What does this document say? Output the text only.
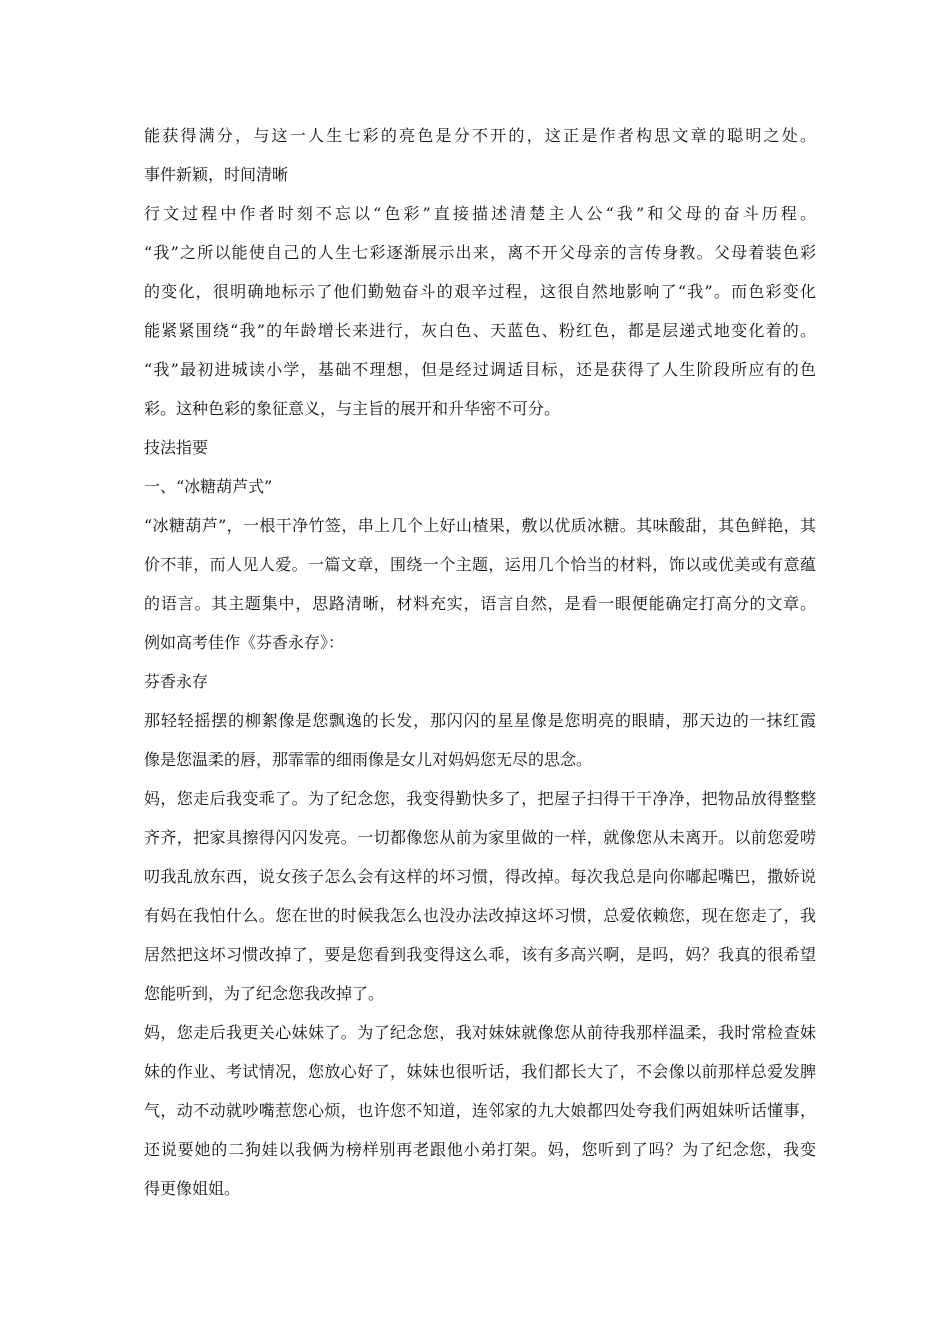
能获得满分，与这一人生七彩的亮色是分不开的，这正是作者构思文章的聪明之处。
事件新颖，时间清晰
行文过程中作者时刻不忘以“色彩”直接描述清楚主人公“我”和父母的奋斗历程。
“我”之所以能使自己的人生七彩逐渐展示出来，离不开父母亲的言传身教。父母着装色彩
的变化，很明确地标示了他们勤勉奋斗的艰辛过程，这很自然地影响了“我”。而色彩变化
能紧紧围绕“我”的年龄增长来进行，灰白色、天蓝色、粉红色，都是层递式地变化着的。
“我”最初进城读小学，基础不理想，但是经过调适目标，还是获得了人生阶段所应有的色
彩。这种色彩的象征意义，与主旨的展开和升华密不可分。
技法指要
一、“冰糖葫芦式”
“冰糖葫芦”，一根干净竹签，串上几个上好山楂果，敷以优质冰糖。其味酸甜，其色鲜艳，其
价不菲，而人见人爱。一篇文章，围绕一个主题，运用几个恰当的材料，饰以或优美或有意蕴
的语言。其主题集中，思路清晰，材料充实，语言自然，是看一眼便能确定打高分的文章。
例如高考佳作《芬香永存》：
芬香永存
那轻轻摇摆的柳絮像是您飘逸的长发，那闪闪的星星像是您明亮的眼睛，那天边的一抹红霞
像是您温柔的唇，那霏霏的细雨像是女儿对妈妈您无尽的思念。
妈，您走后我变乖了。为了纪念您，我变得勤快多了，把屋子扫得干干净净，把物品放得整整
齐齐，把家具擦得闪闪发亮。一切都像您从前为家里做的一样，就像您从未离开。以前您爱唠
叨我乱放东西，说女孩子怎么会有这样的坏习惯，得改掉。每次我总是向你嘟起嘴巴，撒娇说
有妈在我怕什么。您在世的时候我怎么也没办法改掉这坏习惯，总爱依赖您，现在您走了，我
居然把这坏习惯改掉了，要是您看到我变得这么乖，该有多高兴啊，是吗，妈？我真的很希望
您能听到，为了纪念您我改掉了。
妈，您走后我更关心妹妹了。为了纪念您，我对妹妹就像您从前待我那样温柔，我时常检查妹
妹的作业、考试情况，您放心好了，妹妹也很听话，我们都长大了，不会像以前那样总爱发脾
气，动不动就吵嘴惹您心烦，也许您不知道，连邻家的九大娘都四处夸我们两姐妹听话懂事，
还说要她的二狗娃以我俩为榜样别再老跟他小弟打架。妈，您听到了吗？为了纪念您，我变
得更像姐姐。
